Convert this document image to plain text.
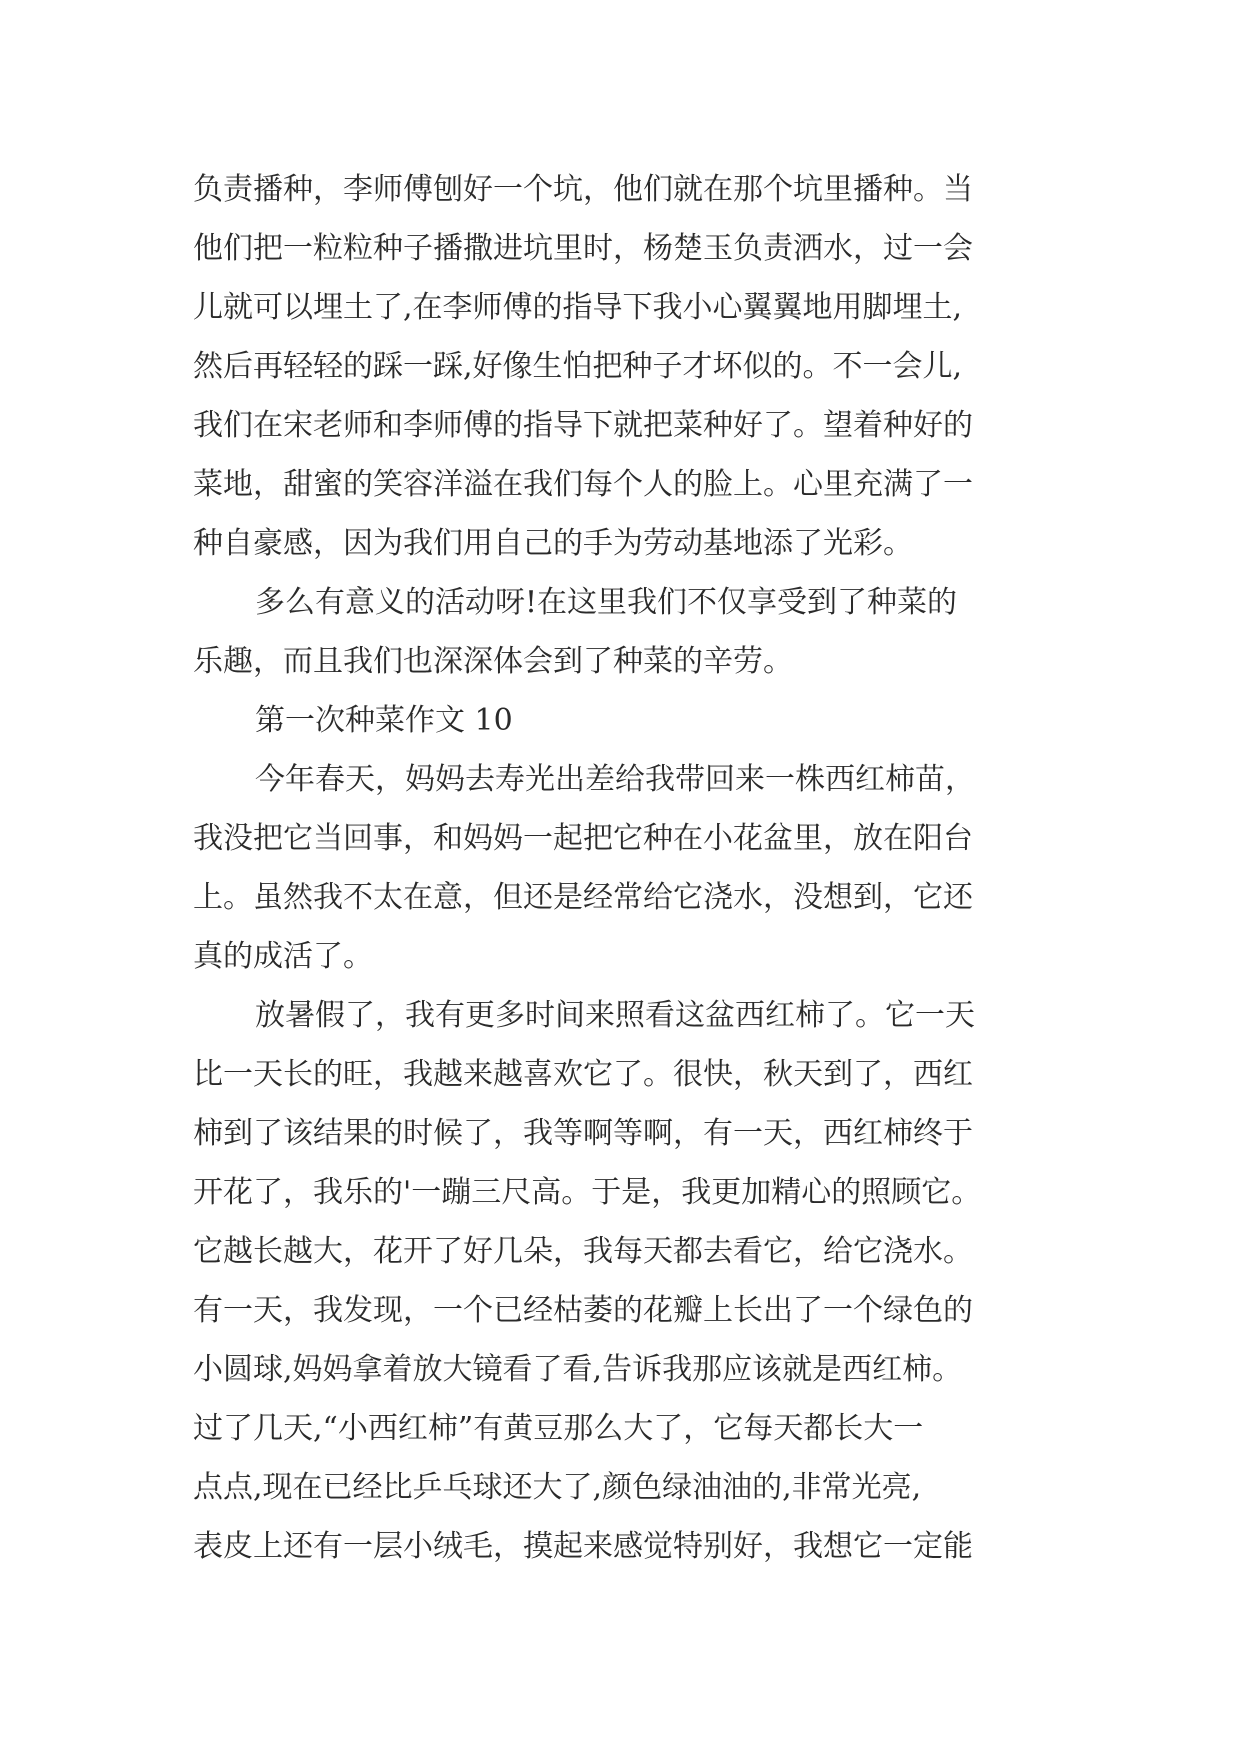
负责播种，李师傅刨好一个坑，他们就在那个坑里播种。当
他们把一粒粒种子播撒进坑里时，杨楚玉负责洒水，过一会
儿就可以埋土了,在李师傅的指导下我小心翼翼地用脚埋土,
然后再轻轻的踩一踩,好像生怕把种子才坏似的。不一会儿,
我们在宋老师和李师傅的指导下就把菜种好了。望着种好的
菜地，甜蜜的笑容洋溢在我们每个人的脸上。心里充满了一
种自豪感，因为我们用自己的手为劳动基地添了光彩。
多么有意义的活动呀!在这里我们不仅享受到了种菜的
乐趣，而且我们也深深体会到了种菜的辛劳。
第一次种菜作文 10
今年春天，妈妈去寿光出差给我带回来一株西红柿苗，
我没把它当回事，和妈妈一起把它种在小花盆里，放在阳台
上。虽然我不太在意，但还是经常给它浇水，没想到，它还
真的成活了。
放暑假了，我有更多时间来照看这盆西红柿了。它一天
比一天长的旺，我越来越喜欢它了。很快，秋天到了，西红
柿到了该结果的时候了，我等啊等啊，有一天，西红柿终于
开花了，我乐的'一蹦三尺高。于是，我更加精心的照顾它。
它越长越大，花开了好几朵，我每天都去看它，给它浇水。
有一天，我发现，一个已经枯萎的花瓣上长出了一个绿色的
小圆球,妈妈拿着放大镜看了看,告诉我那应该就是西红柿。
过了几天,“小西红柿”有黄豆那么大了，它每天都长大一
点点,现在已经比乒乓球还大了,颜色绿油油的,非常光亮,
表皮上还有一层小绒毛，摸起来感觉特别好，我想它一定能
